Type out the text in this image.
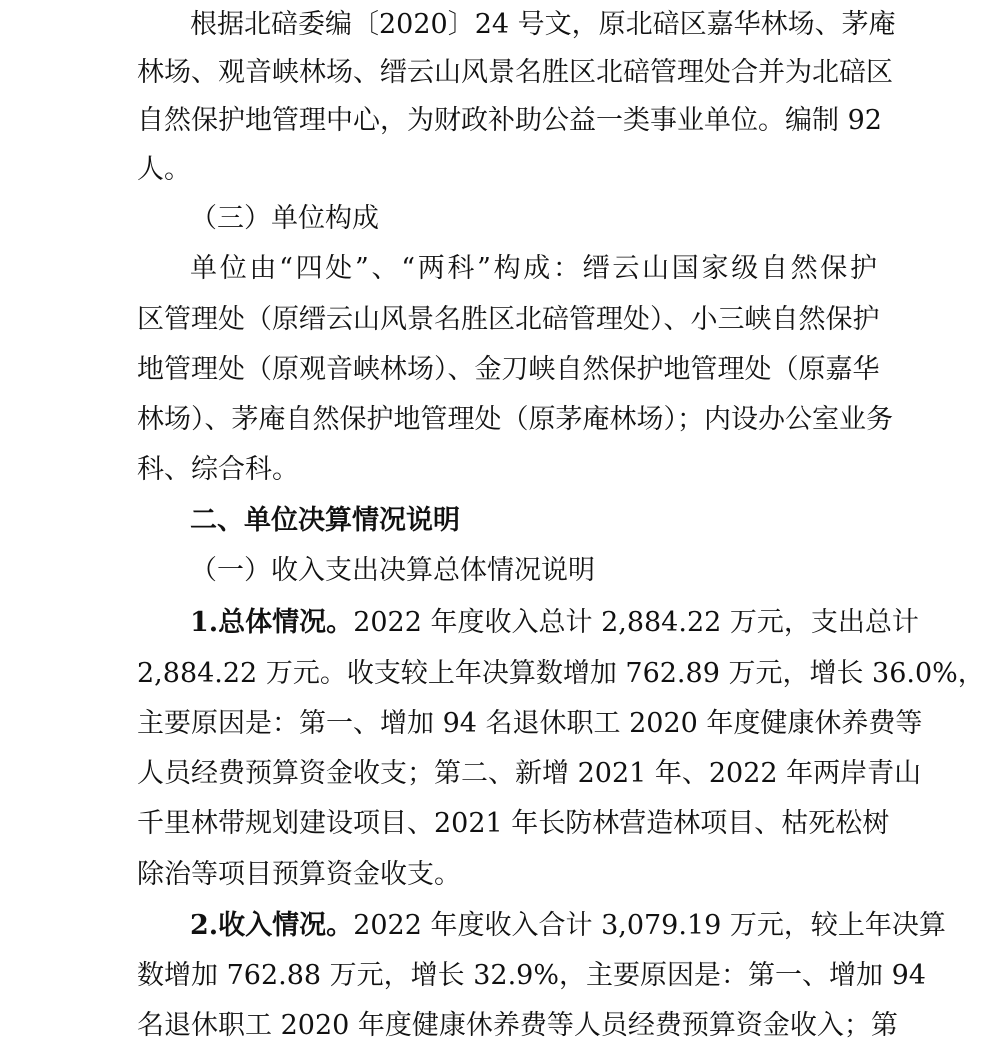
根据北碚委编〔2020〕24 号文，原北碚区嘉华林场、茅庵
林场、观音峡林场、缙云山风景名胜区北碚管理处合并为北碚区
自然保护地管理中心，为财政补助公益一类事业单位。编制 92
人。
（三）单位构成
单位由“四处”、“两科”构成：缙云山国家级自然保护
区管理处（原缙云山风景名胜区北碚管理处）、小三峡自然保护
地管理处（原观音峡林场）、金刀峡自然保护地管理处（原嘉华
林场）、茅庵自然保护地管理处（原茅庵林场）；内设办公室业务
科、综合科。
二、单位决算情况说明
（一）收入支出决算总体情况说明
1.总体情况。2022 年度收入总计 2,884.22 万元，支出总计
2,884.22 万元。收支较上年决算数增加 762.89 万元，增长 36.0%，
主要原因是：第一、增加 94 名退休职工 2020 年度健康休养费等
人员经费预算资金收支；第二、新增 2021 年、2022 年两岸青山
千里林带规划建设项目、2021 年长防林营造林项目、枯死松树
除治等项目预算资金收支。
2.收入情况。2022 年度收入合计 3,079.19 万元，较上年决算
数增加 762.88 万元，增长 32.9%，主要原因是：第一、增加 94
名退休职工 2020 年度健康休养费等人员经费预算资金收入；第
